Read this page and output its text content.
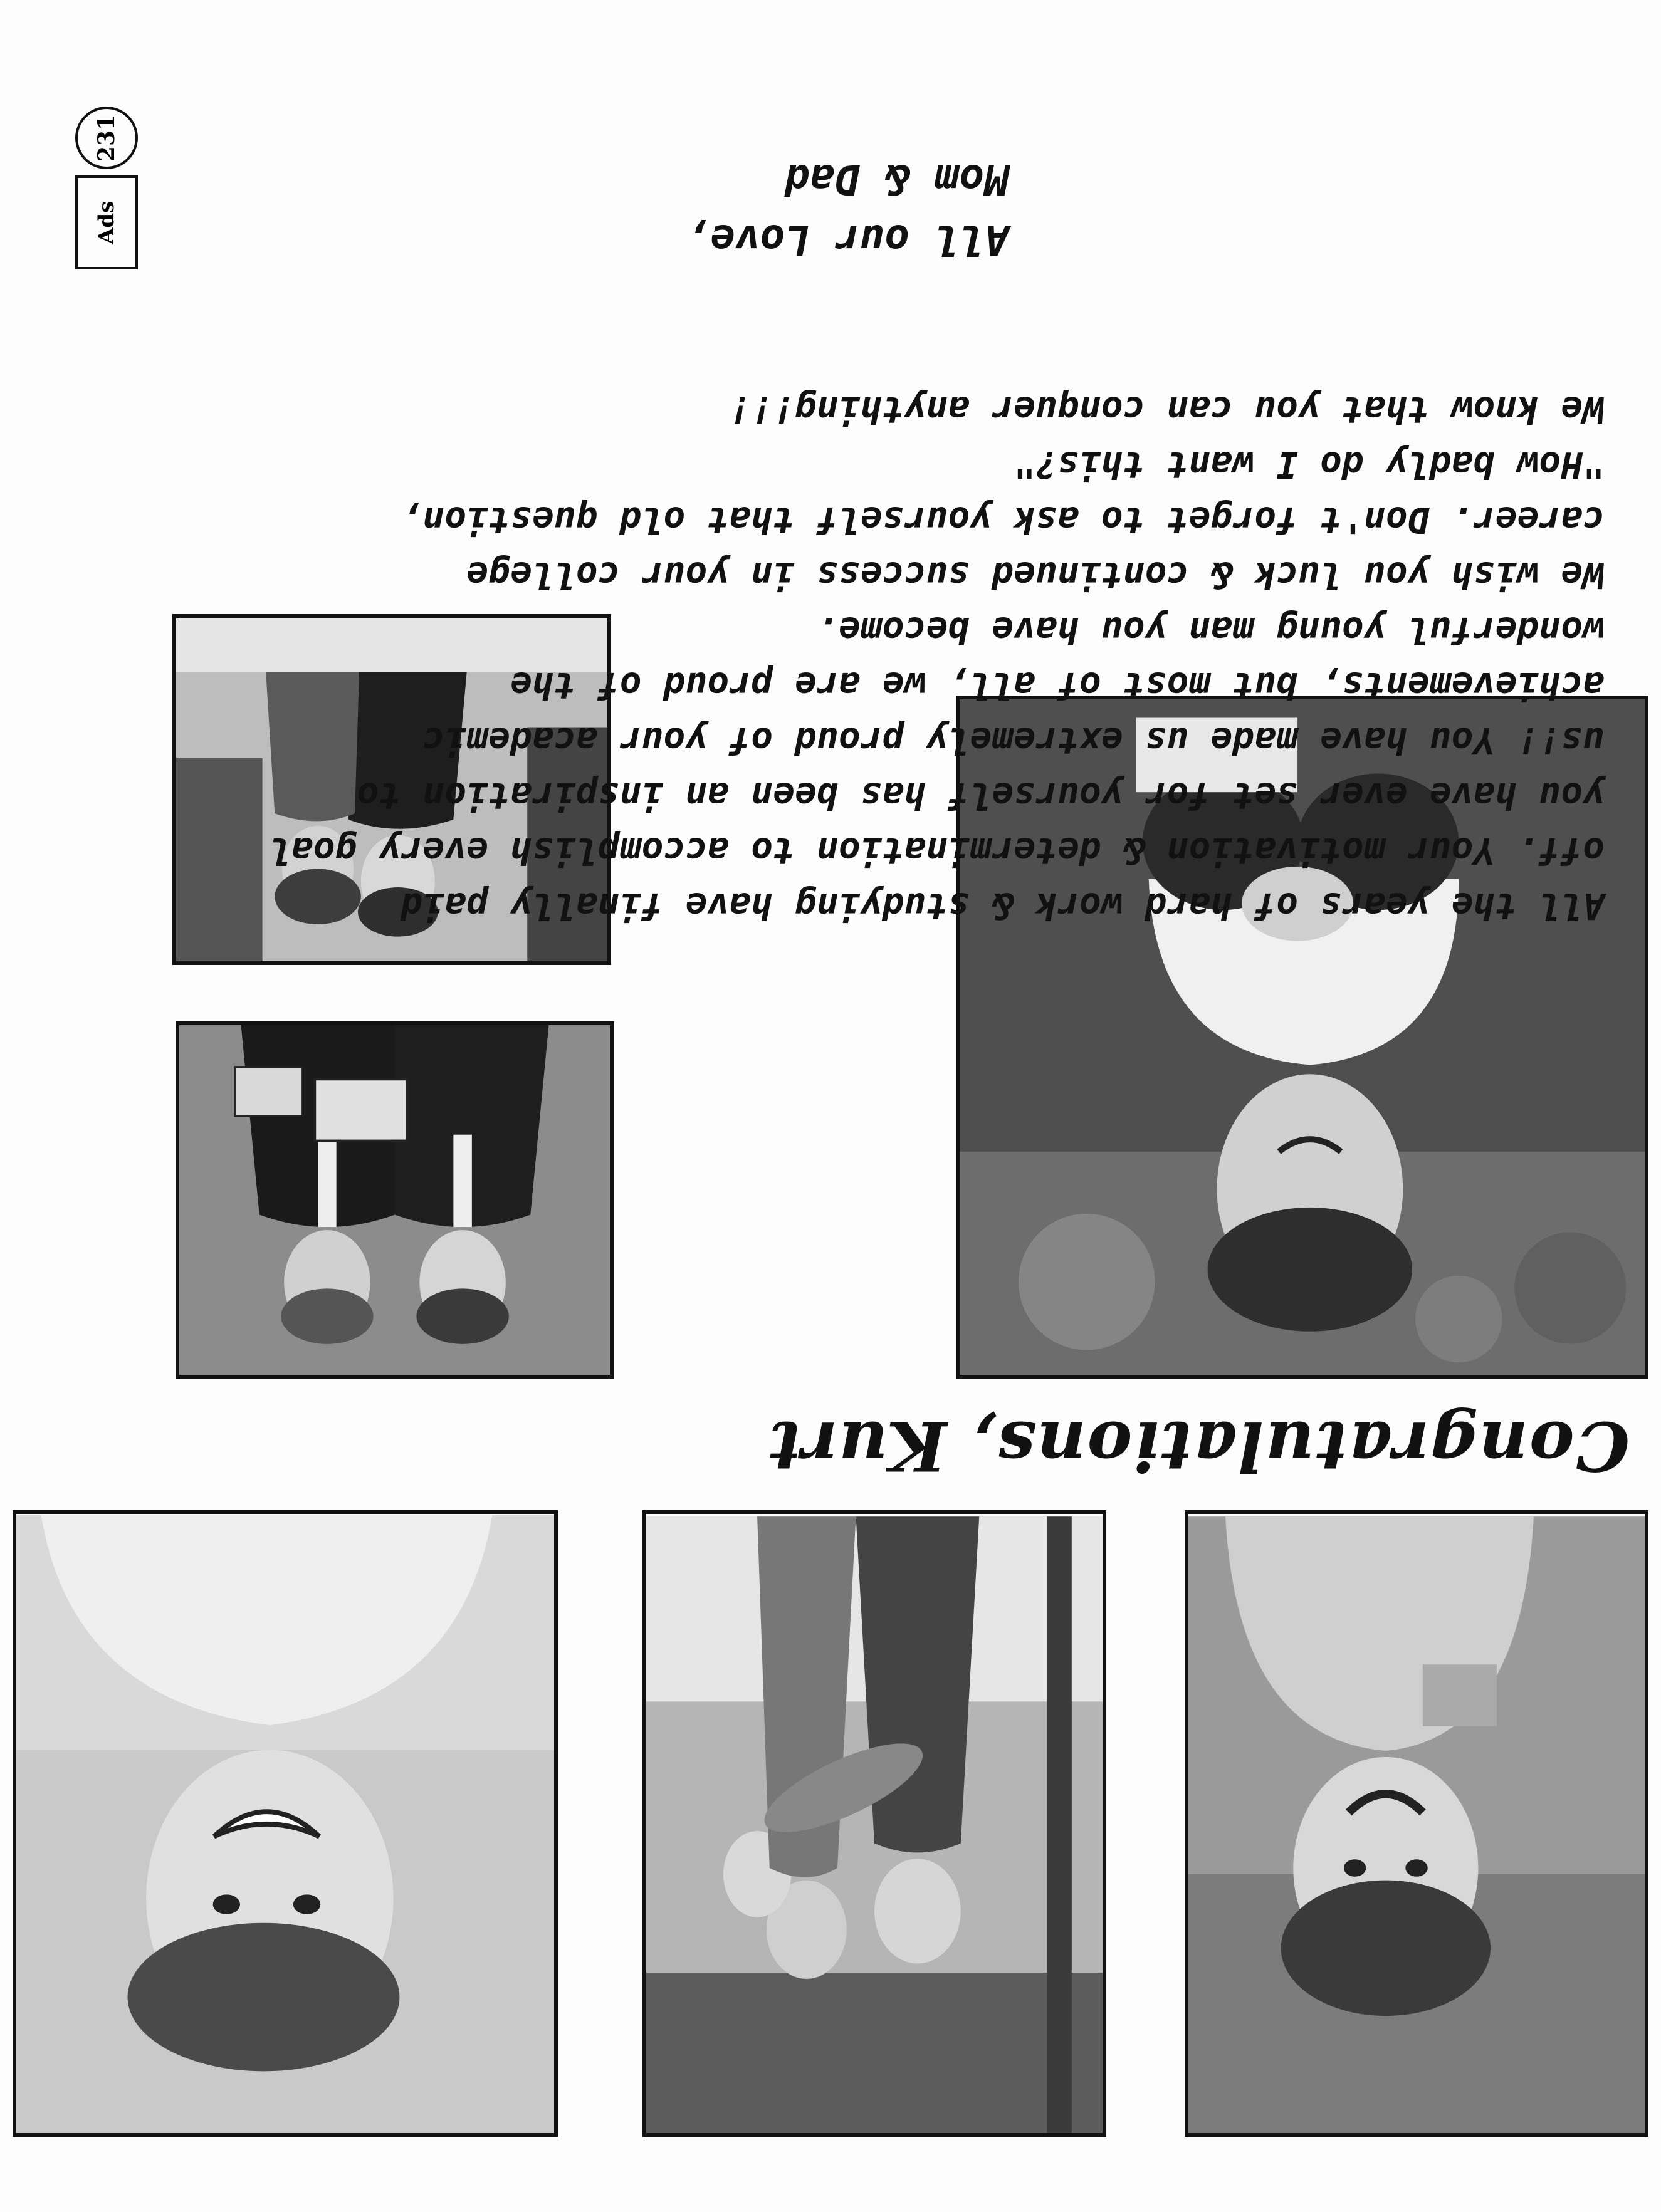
Congratulations, Kurt

All the years of hard work & studying have finally paid

off. Your motivation & determination to accomplish every goal

you have ever set for yourself has been an inspiration to

us!! You have made us extremely proud of your academic

achievements, but most of all, we are proud of the

wonderful young man you have become.

We wish you luck & continued success in your college

career. Don't forget to ask yourself that old question,

"How badly do I want this?"

We know that you can conquer anything!!!

All our Love,

Mom & Dad

Ads
231
